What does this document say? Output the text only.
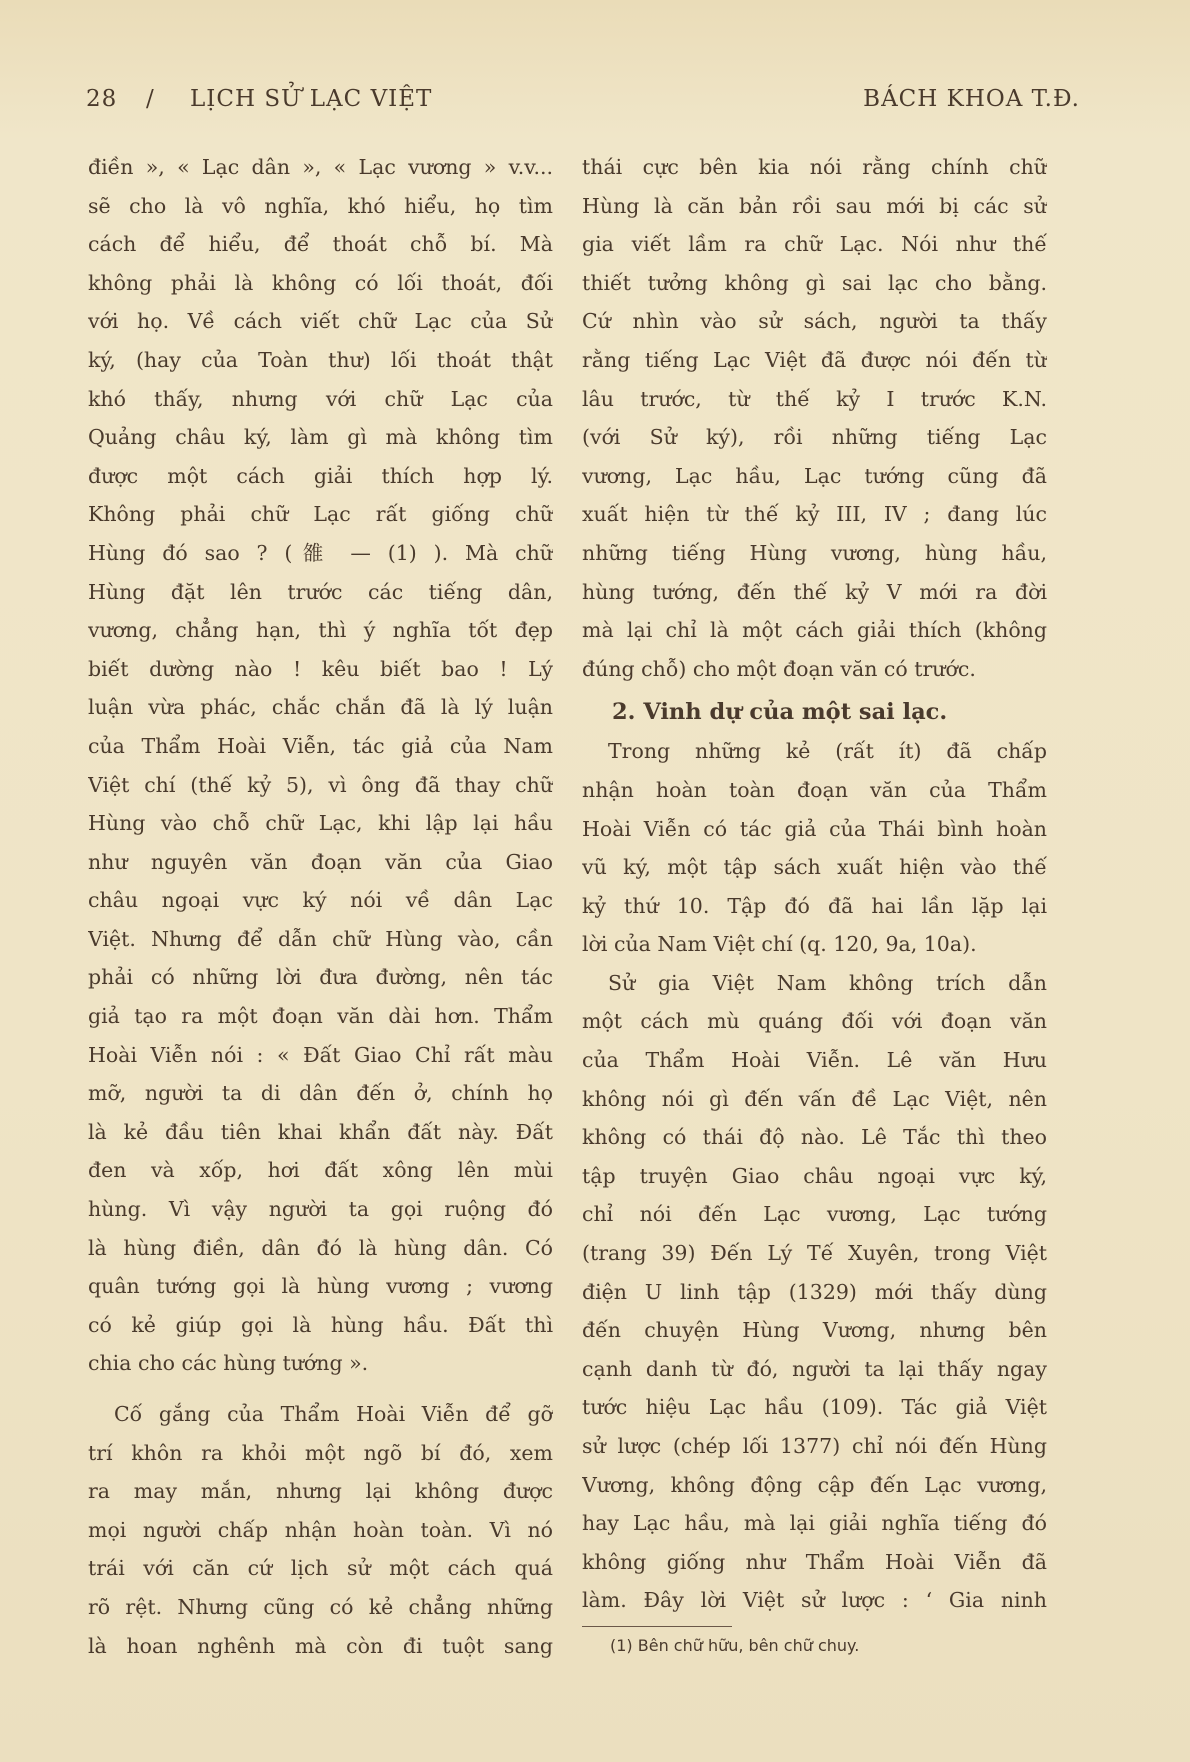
28 / LỊCH SỬ LẠC VIỆT	BÁCH KHOA T.Đ.
điền », « Lạc dân », « Lạc vương » v.v...
sẽ cho là vô nghĩa, khó hiểu, họ tìm
cách để hiểu, để thoát chỗ bí. Mà
không phải là không có lối thoát, đối
với họ. Về cách viết chữ Lạc của Sử
ký, (hay của Toàn thư) lối thoát thật
khó thấy, nhưng với chữ Lạc của
Quảng châu ký, làm gì mà không tìm
được một cách giải thích hợp lý.
Không phải chữ Lạc rất giống chữ
Hùng đó sao ? (雒 — (1) ). Mà chữ
Hùng đặt lên trước các tiếng dân,
vương, chẳng hạn, thì ý nghĩa tốt đẹp
biết dường nào ! kêu biết bao ! Lý
luận vừa phác, chắc chắn đã là lý luận
của Thẩm Hoài Viễn, tác giả của Nam
Việt chí (thế kỷ 5), vì ông đã thay chữ
Hùng vào chỗ chữ Lạc, khi lập lại hầu
như nguyên văn đoạn văn của Giao
châu ngoại vực ký nói về dân Lạc
Việt. Nhưng để dẫn chữ Hùng vào, cần
phải có những lời đưa đường, nên tác
giả tạo ra một đoạn văn dài hơn. Thẩm
Hoài Viễn nói : « Đất Giao Chỉ rất màu
mỡ, người ta di dân đến ở, chính họ
là kẻ đầu tiên khai khẩn đất này. Đất
đen và xốp, hơi đất xông lên mùi
hùng. Vì vậy người ta gọi ruộng đó
là hùng điền, dân đó là hùng dân. Có
quân tướng gọi là hùng vương ; vương
có kẻ giúp gọi là hùng hầu. Đất thì
chia cho các hùng tướng ».
Cố gắng của Thẩm Hoài Viễn để gỡ
trí khôn ra khỏi một ngõ bí đó, xem
ra may mắn, nhưng lại không được
mọi người chấp nhận hoàn toàn. Vì nó
trái với căn cứ lịch sử một cách quá
rõ rệt. Nhưng cũng có kẻ chẳng những
là hoan nghênh mà còn đi tuột sang
thái cực bên kia nói rằng chính chữ
Hùng là căn bản rồi sau mới bị các sử
gia viết lầm ra chữ Lạc. Nói như thế
thiết tưởng không gì sai lạc cho bằng.
Cứ nhìn vào sử sách, người ta thấy
rằng tiếng Lạc Việt đã được nói đến từ
lâu trước, từ thế kỷ I trước K.N.
(với Sử ký), rồi những tiếng Lạc
vương, Lạc hầu, Lạc tướng cũng đã
xuất hiện từ thế kỷ III, IV ; đang lúc
những tiếng Hùng vương, hùng hầu,
hùng tướng, đến thế kỷ V mới ra đời
mà lại chỉ là một cách giải thích (không
đúng chỗ) cho một đoạn văn có trước.
2. Vinh dự của một sai lạc.
Trong những kẻ (rất ít) đã chấp
nhận hoàn toàn đoạn văn của Thẩm
Hoài Viễn có tác giả của Thái bình hoàn
vũ ký, một tập sách xuất hiện vào thế
kỷ thứ 10. Tập đó đã hai lần lặp lại
lời của Nam Việt chí (q. 120, 9a, 10a).
Sử gia Việt Nam không trích dẫn
một cách mù quáng đối với đoạn văn
của Thẩm Hoài Viễn. Lê văn Hưu
không nói gì đến vấn đề Lạc Việt, nên
không có thái độ nào. Lê Tắc thì theo
tập truyện Giao châu ngoại vực ký,
chỉ nói đến Lạc vương, Lạc tướng
(trang 39) Đến Lý Tế Xuyên, trong Việt
điện U linh tập (1329) mới thấy dùng
đến chuyện Hùng Vương, nhưng bên
cạnh danh từ đó, người ta lại thấy ngay
tước hiệu Lạc hầu (109). Tác giả Việt
sử lược (chép lối 1377) chỉ nói đến Hùng
Vương, không động cập đến Lạc vương,
hay Lạc hầu, mà lại giải nghĩa tiếng đó
không giống như Thẩm Hoài Viễn đã
làm. Đây lời Việt sử lược : ‘ Gia ninh
(1) Bên chữ hữu, bên chữ chuy.
